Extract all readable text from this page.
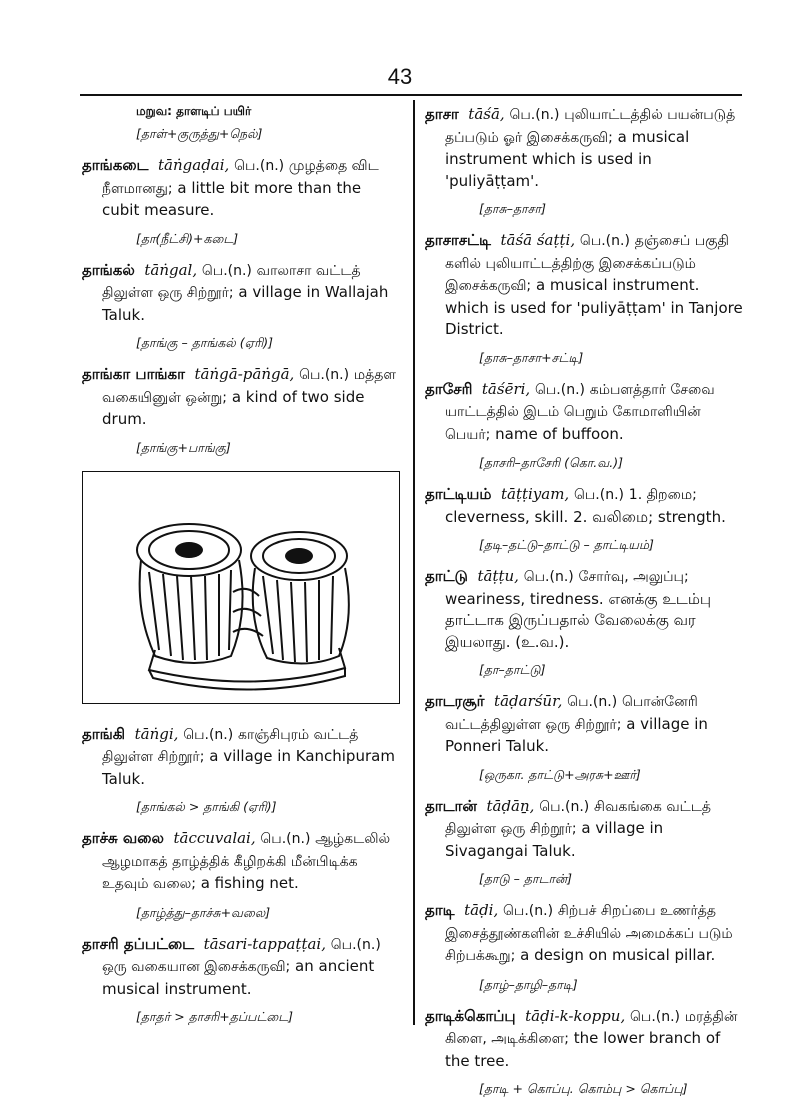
43
மறுவ: தாளடிப் பயிர்
[தாள்+குருத்து+நெல்]
தாங்கடை tāṅgaḍai, பெ.(n.) முழத்தை விட நீளமானது; a little bit more than the cubit measure.
[தா(நீட்சி)+கடை]
தாங்கல் tāṅgal, பெ.(n.) வாலாசா வட்டத் திலுள்ள ஒரு சிற்றூர்; a village in Wallajah Taluk.
[தாங்கு – தாங்கல் (ஏரி)]
தாங்கா பாங்கா tāṅgā-pāṅgā, பெ.(n.) மத்தள வகையினுள் ஒன்று; a kind of two side drum.
[தாங்கு+பாங்கு]
தாங்கி tāṅgi, பெ.(n.) காஞ்சிபுரம் வட்டத் திலுள்ள சிற்றூர்; a village in Kanchipuram Taluk.
[தாங்கல் > தாங்கி (ஏரி)]
தாச்சு வலை tāccuvalai, பெ.(n.) ஆழ்கடலில் ஆழமாகத் தாழ்த்திக் கீழிறக்கி மீன்பிடிக்க உதவும் வலை; a fishing net.
[தாழ்த்து–தாச்சு+வலை]
தாசரி தப்பட்டை tāsari-tappaṭṭai, பெ.(n.) ஒரு வகையான இசைக்கருவி; an ancient musical instrument.
[தாதர் > தாசரி+தப்பட்டை]
தாசா tāśā, பெ.(n.) புலியாட்டத்தில் பயன்படுத் தப்படும் ஓர் இசைக்கருவி; a musical instrument which is used in 'puliyāṭṭam'.
[தாசு–தாசா]
தாசாசட்டி tāśā śaṭṭi, பெ.(n.) தஞ்சைப் பகுதி களில் புலியாட்டத்திற்கு இசைக்கப்படும் இசைக்கருவி; a musical instrument. which is used for 'puliyāṭṭam' in Tanjore District.
[தாசு–தாசா+சட்டி]
தாசேரி tāśēri, பெ.(n.) கம்பளத்தார் சேவை யாட்டத்தில் இடம் பெறும் கோமாளியின் பெயர்; name of buffoon.
[தாசரி–தாசேரி (கொ.வ.)]
தாட்டியம் tāṭṭiyam, பெ.(n.) 1. திறமை; cleverness, skill. 2. வலிமை; strength.
[தடி–தட்டு–தாட்டு – தாட்டியம்]
தாட்டு tāṭṭu, பெ.(n.) சோர்வு, அலுப்பு; weariness, tiredness. எனக்கு உடம்பு தாட்டாக இருப்பதால் வேலைக்கு வர இயலாது. (உ.வ.).
[தா–தாட்டு]
தாடரசூர் tāḍarśūr, பெ.(n.) பொன்னேரி வட்டத்திலுள்ள ஒரு சிற்றூர்; a village in Ponneri Taluk.
[ஒருகா. தாட்டு+அரசு+ஊர்]
தாடான் tāḍāṉ, பெ.(n.) சிவகங்கை வட்டத் திலுள்ள ஒரு சிற்றூர்; a village in Sivagangai Taluk.
[தாடு – தாடான்]
தாடி tāḍi, பெ.(n.) சிற்பச் சிறப்பை உணர்த்த இசைத்தூண்களின் உச்சியில் அமைக்கப் படும் சிற்பக்கூறு; a design on musical pillar.
[தாழ்–தாழி–தாடி]
தாடிக்கொப்பு tāḍi-k-koppu, பெ.(n.) மரத்தின் கிளை, அடிக்கிளை; the lower branch of the tree.
[தாடி + கொப்பு. கொம்பு > கொப்பு]
